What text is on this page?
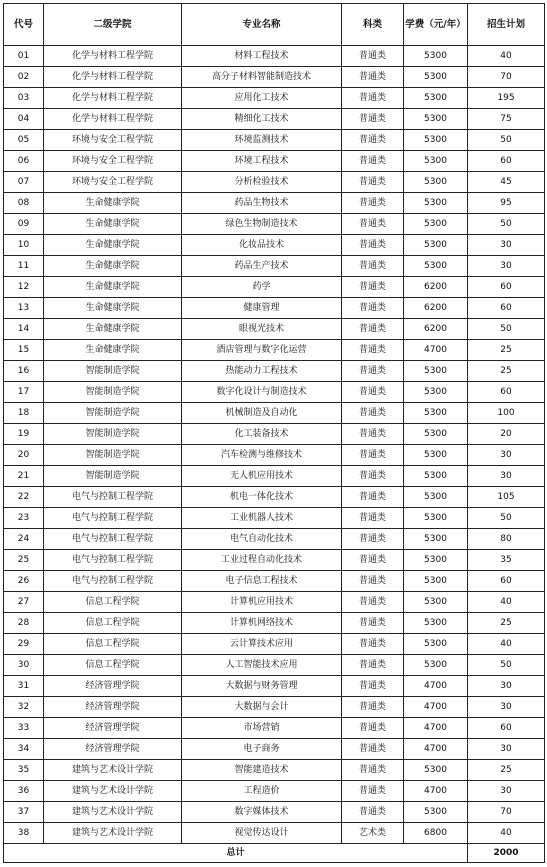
代号	二级学院	专业名称	科类	学费（元/年）	招生计划
01	化学与材料工程学院	材料工程技术	普通类	5300	40
02	化学与材料工程学院	高分子材料智能制造技术	普通类	5300	70
03	化学与材料工程学院	应用化工技术	普通类	5300	195
04	化学与材料工程学院	精细化工技术	普通类	5300	75
05	环境与安全工程学院	环境监测技术	普通类	5300	50
06	环境与安全工程学院	环境工程技术	普通类	5300	60
07	环境与安全工程学院	分析检验技术	普通类	5300	45
08	生命健康学院	药品生物技术	普通类	5300	95
09	生命健康学院	绿色生物制造技术	普通类	5300	50
10	生命健康学院	化妆品技术	普通类	5300	30
11	生命健康学院	药品生产技术	普通类	5300	30
12	生命健康学院	药学	普通类	6200	60
13	生命健康学院	健康管理	普通类	6200	60
14	生命健康学院	眼视光技术	普通类	6200	50
15	生命健康学院	酒店管理与数字化运营	普通类	4700	25
16	智能制造学院	热能动力工程技术	普通类	5300	25
17	智能制造学院	数字化设计与制造技术	普通类	5300	60
18	智能制造学院	机械制造及自动化	普通类	5300	100
19	智能制造学院	化工装备技术	普通类	5300	20
20	智能制造学院	汽车检测与维修技术	普通类	5300	30
21	智能制造学院	无人机应用技术	普通类	5300	30
22	电气与控制工程学院	机电一体化技术	普通类	5300	105
23	电气与控制工程学院	工业机器人技术	普通类	5300	50
24	电气与控制工程学院	电气自动化技术	普通类	5300	80
25	电气与控制工程学院	工业过程自动化技术	普通类	5300	35
26	电气与控制工程学院	电子信息工程技术	普通类	5300	60
27	信息工程学院	计算机应用技术	普通类	5300	40
28	信息工程学院	计算机网络技术	普通类	5300	25
29	信息工程学院	云计算技术应用	普通类	5300	40
30	信息工程学院	人工智能技术应用	普通类	5300	50
31	经济管理学院	大数据与财务管理	普通类	4700	30
32	经济管理学院	大数据与会计	普通类	4700	30
33	经济管理学院	市场营销	普通类	4700	60
34	经济管理学院	电子商务	普通类	4700	30
35	建筑与艺术设计学院	智能建造技术	普通类	5300	25
36	建筑与艺术设计学院	工程造价	普通类	4700	30
37	建筑与艺术设计学院	数字媒体技术	普通类	5300	70
38	建筑与艺术设计学院	视觉传达设计	艺术类	6800	40
总计					2000
